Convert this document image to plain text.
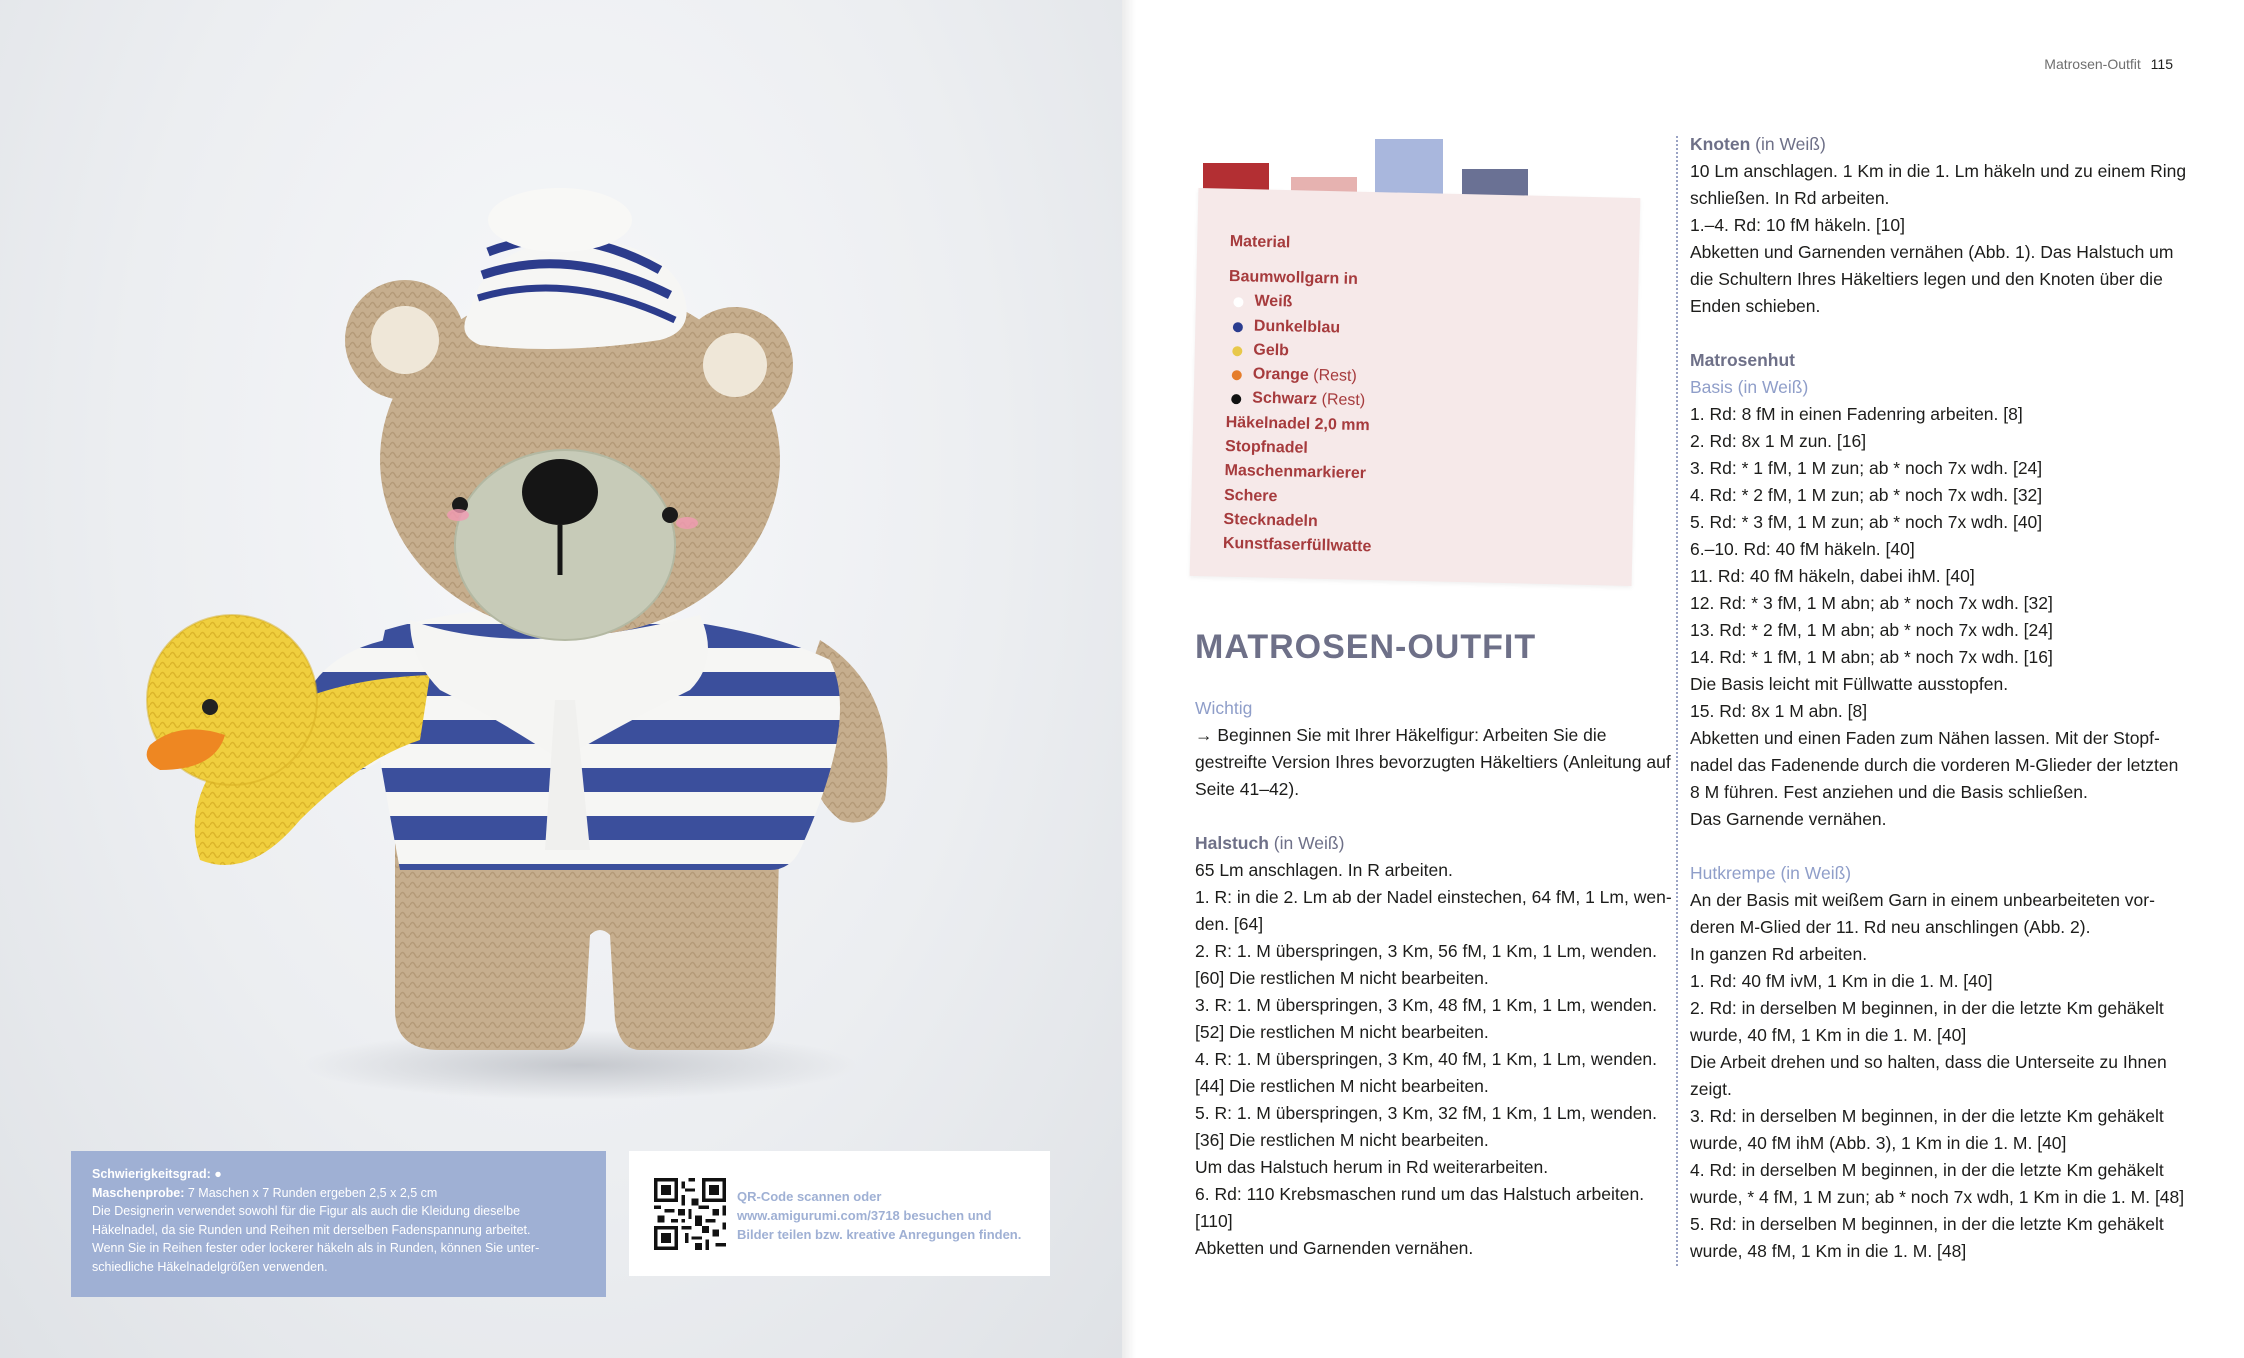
Schwierigkeitsgrad: ●
Maschenprobe: 7 Maschen x 7 Runden ergeben 2,5 x 2,5 cm
Die Designerin verwendet sowohl für die Figur als auch die Kleidung dieselbe
Häkelnadel, da sie Runden und Reihen mit derselben Fadenspannung arbeitet.
Wenn Sie in Reihen fester oder lockerer häkeln als in Runden, können Sie unter-
schiedliche Häkelnadelgrößen verwenden.
QR-Code scannen oder
www.amigurumi.com/3718 besuchen und
Bilder teilen bzw. kreative Anregungen finden.
Matrosen-Outfit 115
Material
Baumwollgarn in
Weiß
Dunkelblau
Gelb
Orange (Rest)
Schwarz (Rest)
Häkelnadel 2,0 mm
Stopfnadel
Maschenmarkierer
Schere
Stecknadeln
Kunstfaserfüllwatte
MATROSEN-OUTFIT
Wichtig
→ Beginnen Sie mit Ihrer Häkelfigur: Arbeiten Sie die
gestreifte Version Ihres bevorzugten Häkeltiers (Anleitung auf
Seite 41–42).
Halstuch (in Weiß)
65 Lm anschlagen. In R arbeiten.
1. R: in die 2. Lm ab der Nadel einstechen, 64 fM, 1 Lm, wen-
den. [64]
2. R: 1. M überspringen, 3 Km, 56 fM, 1 Km, 1 Lm, wenden.
[60] Die restlichen M nicht bearbeiten.
3. R: 1. M überspringen, 3 Km, 48 fM, 1 Km, 1 Lm, wenden.
[52] Die restlichen M nicht bearbeiten.
4. R: 1. M überspringen, 3 Km, 40 fM, 1 Km, 1 Lm, wenden.
[44] Die restlichen M nicht bearbeiten.
5. R: 1. M überspringen, 3 Km, 32 fM, 1 Km, 1 Lm, wenden.
[36] Die restlichen M nicht bearbeiten.
Um das Halstuch herum in Rd weiterarbeiten.
6. Rd: 110 Krebsmaschen rund um das Halstuch arbeiten.
[110]
Abketten und Garnenden vernähen.
Knoten (in Weiß)
10 Lm anschlagen. 1 Km in die 1. Lm häkeln und zu einem Ring
schließen. In Rd arbeiten.
1.–4. Rd: 10 fM häkeln. [10]
Abketten und Garnenden vernähen (Abb. 1). Das Halstuch um
die Schultern Ihres Häkeltiers legen und den Knoten über die
Enden schieben.
Matrosenhut
Basis (in Weiß)
1. Rd: 8 fM in einen Fadenring arbeiten. [8]
2. Rd: 8x 1 M zun. [16]
3. Rd: * 1 fM, 1 M zun; ab * noch 7x wdh. [24]
4. Rd: * 2 fM, 1 M zun; ab * noch 7x wdh. [32]
5. Rd: * 3 fM, 1 M zun; ab * noch 7x wdh. [40]
6.–10. Rd: 40 fM häkeln. [40]
11. Rd: 40 fM häkeln, dabei ihM. [40]
12. Rd: * 3 fM, 1 M abn; ab * noch 7x wdh. [32]
13. Rd: * 2 fM, 1 M abn; ab * noch 7x wdh. [24]
14. Rd: * 1 fM, 1 M abn; ab * noch 7x wdh. [16]
Die Basis leicht mit Füllwatte ausstopfen.
15. Rd: 8x 1 M abn. [8]
Abketten und einen Faden zum Nähen lassen. Mit der Stopf-
nadel das Fadenende durch die vorderen M-Glieder der letzten
8 M führen. Fest anziehen und die Basis schließen.
Das Garnende vernähen.
Hutkrempe (in Weiß)
An der Basis mit weißem Garn in einem unbearbeiteten vor-
deren M-Glied der 11. Rd neu anschlingen (Abb. 2).
In ganzen Rd arbeiten.
1. Rd: 40 fM ivM, 1 Km in die 1. M. [40]
2. Rd: in derselben M beginnen, in der die letzte Km gehäkelt
wurde, 40 fM, 1 Km in die 1. M. [40]
Die Arbeit drehen und so halten, dass die Unterseite zu Ihnen
zeigt.
3. Rd: in derselben M beginnen, in der die letzte Km gehäkelt
wurde, 40 fM ihM (Abb. 3), 1 Km in die 1. M. [40]
4. Rd: in derselben M beginnen, in der die letzte Km gehäkelt
wurde, * 4 fM, 1 M zun; ab * noch 7x wdh, 1 Km in die 1. M. [48]
5. Rd: in derselben M beginnen, in der die letzte Km gehäkelt
wurde, 48 fM, 1 Km in die 1. M. [48]
